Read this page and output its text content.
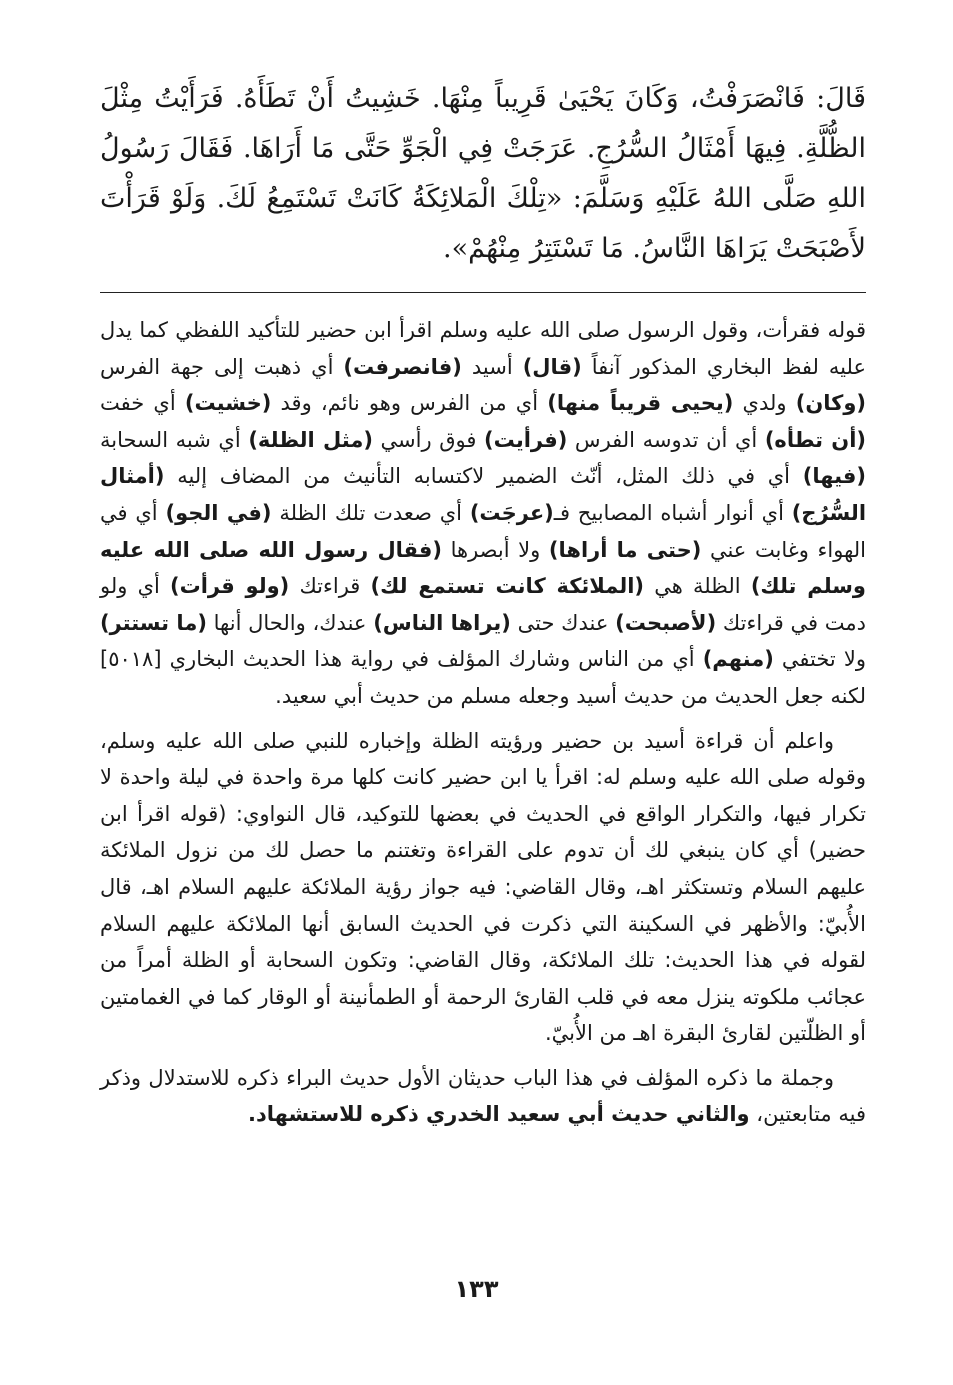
قَالَ: فَانْصَرَفْتُ، وَكَانَ يَحْيَىٰ قَرِيباً مِنْهَا. خَشِيتُ أَنْ تَطَأَهُ. فَرَأَيْتُ مِثْلَ الظُّلَّةِ. فِيهَا أَمْثَالُ السُّرُجِ. عَرَجَتْ فِي الْجَوِّ حَتَّى مَا أَرَاهَا. فَقَالَ رَسُولُ اللهِ صَلَّى اللهُ عَلَيْهِ وَسَلَّمَ: «تِلْكَ الْمَلائِكَةُ كَانَتْ تَسْتَمِعُ لَكَ. وَلَوْ قَرَأْتَ لأَصْبَحَتْ يَرَاهَا النَّاسُ. مَا تَسْتَتِرُ مِنْهُمْ».

قوله فقرأت، وقول الرسول صلى الله عليه وسلم اقرأ ابن حضير للتأكيد اللفظي كما يدل عليه لفظ البخاري المذكور آنفاً (قال) أسيد (فانصرفت) أي ذهبت إلى جهة الفرس (وكان) ولدي (يحيى قريباً منها) أي من الفرس وهو نائم، وقد (خشيت) أي خفت (أن تطأه) أي أن تدوسه الفرس (فرأيت) فوق رأسي (مثل الظلة) أي شبه السحابة (فيها) أي في ذلك المثل، أنّث الضمير لاكتسابه التأنيث من المضاف إليه (أمثال السُّرُج) أي أنوار أشباه المصابيح فـ(عرجَت) أي صعدت تلك الظلة (في الجو) أي في الهواء وغابت عني (حتى ما أراها) ولا أبصرها (فقال رسول الله صلى الله عليه وسلم تلك) الظلة هي (الملائكة كانت تستمع لك) قراءتك (ولو قرأت) أي ولو دمت في قراءتك (لأصبحت) عندك حتى (يراها الناس) عندك، والحال أنها (ما تستتر) ولا تختفي (منهم) أي من الناس وشارك المؤلف في رواية هذا الحديث البخاري [٥٠١٨] لكنه جعل الحديث من حديث أسيد وجعله مسلم من حديث أبي سعيد.

واعلم أن قراءة أسيد بن حضير ورؤيته الظلة وإخباره للنبي صلى الله عليه وسلم، وقوله صلى الله عليه وسلم له: اقرأ يا ابن حضير كانت كلها مرة واحدة في ليلة واحدة لا تكرار فيها، والتكرار الواقع في الحديث في بعضها للتوكيد، قال النواوي: (قوله اقرأ ابن حضير) أي كان ينبغي لك أن تدوم على القراءة وتغتنم ما حصل لك من نزول الملائكة عليهم السلام وتستكثر اهـ، وقال القاضي: فيه جواز رؤية الملائكة عليهم السلام اهـ، قال الأُبيّ: والأظهر في السكينة التي ذكرت في الحديث السابق أنها الملائكة عليهم السلام لقوله في هذا الحديث: تلك الملائكة، وقال القاضي: وتكون السحابة أو الظلة أمراً من عجائب ملكوته ينزل معه في قلب القارئ الرحمة أو الطمأنينة أو الوقار كما في الغمامتين أو الظلّتين لقارئ البقرة اهـ من الأُبيّ.

وجملة ما ذكره المؤلف في هذا الباب حديثان الأول حديث البراء ذكره للاستدلال وذكر فيه متابعتين، والثاني حديث أبي سعيد الخدري ذكره للاستشهاد.

١٣٣
